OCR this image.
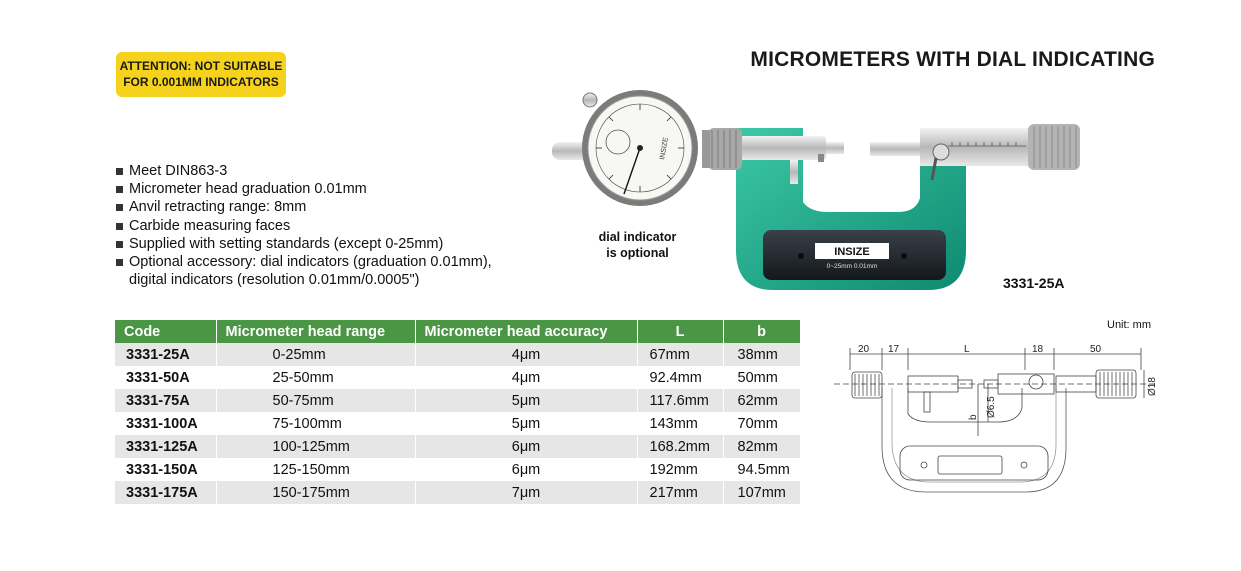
ATTENTION: NOT SUITABLE
FOR 0.001MM INDICATORS
MICROMETERS WITH DIAL INDICATING
Meet DIN863-3
Micrometer head graduation 0.01mm
Anvil retracting range: 8mm
Carbide measuring faces
Supplied with setting standards (except 0-25mm)
Optional accessory: dial indicators (graduation 0.01mm),
digital indicators (resolution 0.01mm/0.0005")
INSIZE
0~25mm 0.01mm
INSIZE
dial indicator
is optional
3331-25A
Code	Micrometer head range	Micrometer head accuracy	L	b
3331-25A	0-25mm	4μm	67mm	38mm
3331-50A	25-50mm	4μm	92.4mm	50mm
3331-75A	50-75mm	5μm	117.6mm	62mm
3331-100A	75-100mm	5μm	143mm	70mm
3331-125A	100-125mm	6μm	168.2mm	82mm
3331-150A	125-150mm	6μm	192mm	94.5mm
3331-175A	150-175mm	7μm	217mm	107mm
Unit: mm
20 17	L	18	50
b Ø6.5
Ø18
